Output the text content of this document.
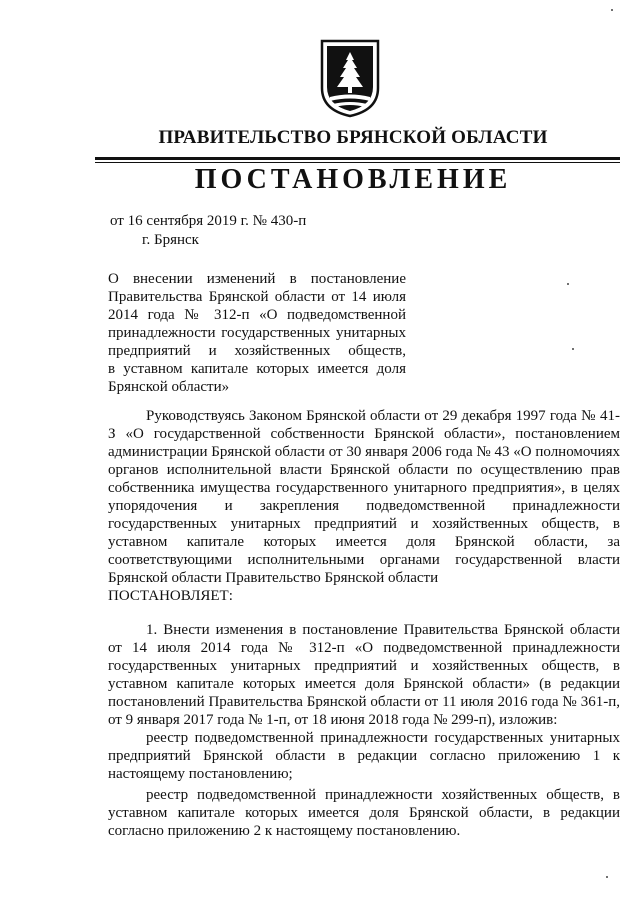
ПРАВИТЕЛЬСТВО БРЯНСКОЙ ОБЛАСТИ
ПОСТАНОВЛЕНИЕ
от 16 сентября 2019 г. № 430-п
г. Брянск

О внесении изменений в постановление

Правительства Брянской области от 14 июля

2014 года № 312-п «О подведомственной

принадлежности государственных унитарных

предприятий и хозяйственных обществ,

в уставном капитале которых имеется доля

Брянской области»

Руководствуясь Законом Брянской области от 29 декабря 1997 года № 41-З «О государственной собственности Брянской области», постановлением администрации Брянской области от 30 января 2006 года № 43 «О полномочиях органов исполнительной власти Брянской области по осуществлению прав собственника имущества государственного унитарного предприятия», в целях упорядочения и закрепления подведомственной принадлежности государственных унитарных предприятий и хозяйственных обществ, в уставном капитале которых имеется доля Брянской области, за соответствующими исполнительными органами государственной власти Брянской области Правительство Брянской области

ПОСТАНОВЛЯЕТ:

1. Внести изменения в постановление Правительства Брянской области от 14 июля 2014 года № 312-п «О подведомственной принадлежности государственных унитарных предприятий и хозяйственных обществ, в уставном капитале которых имеется доля Брянской области» (в редакции постановлений Правительства Брянской области от 11 июля 2016 года № 361-п, от 9 января 2017 года № 1-п, от 18 июня 2018 года № 299-п), изложив:

реестр подведомственной принадлежности государственных унитарных предприятий Брянской области в редакции согласно приложению 1 к настоящему постановлению;

реестр подведомственной принадлежности хозяйственных обществ, в уставном капитале которых имеется доля Брянской области, в редакции согласно приложению 2 к настоящему постановлению.
